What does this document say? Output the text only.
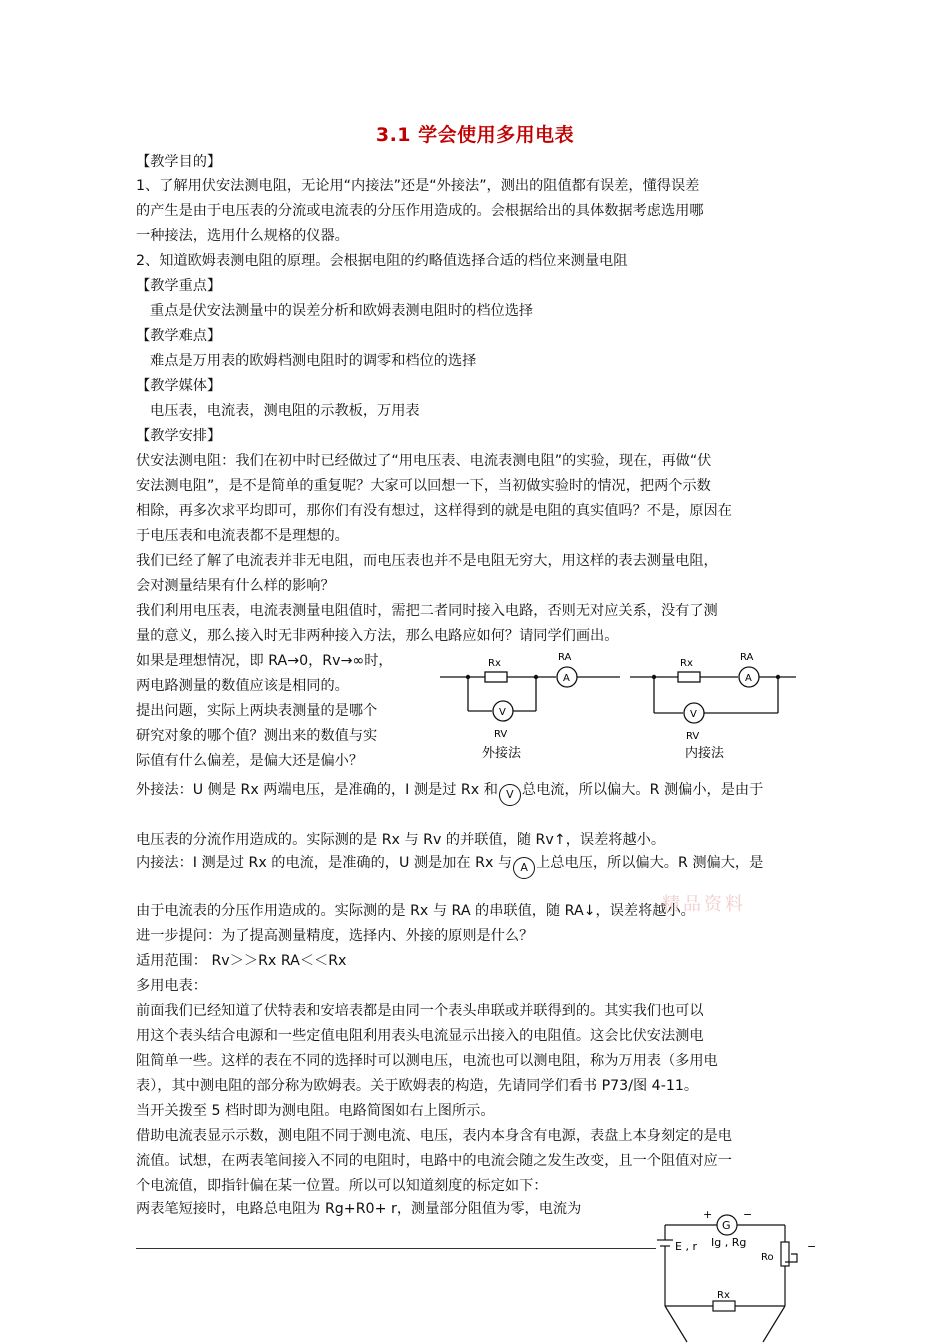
3.1 学会使用多用电表
【教学目的】
1、了解用伏安法测电阻，无论用“内接法”还是“外接法”，测出的阻值都有误差，懂得误差
的产生是由于电压表的分流或电流表的分压作用造成的。会根据给出的具体数据考虑选用哪
一种接法，选用什么规格的仪器。
2、知道欧姆表测电阻的原理。会根据电阻的约略值选择合适的档位来测量电阻
【教学重点】
重点是伏安法测量中的误差分析和欧姆表测电阻时的档位选择
【教学难点】
难点是万用表的欧姆档测电阻时的调零和档位的选择
【教学媒体】
电压表，电流表，测电阻的示教板，万用表
【教学安排】
伏安法测电阻：我们在初中时已经做过了“用电压表、电流表测电阻”的实验，现在，再做“伏
安法测电阻”，是不是简单的重复呢？大家可以回想一下，当初做实验时的情况，把两个示数
相除，再多次求平均即可，那你们有没有想过，这样得到的就是电阻的真实值吗？不是，原因在
于电压表和电流表都不是理想的。
我们已经了解了电流表并非无电阻，而电压表也并不是电阻无穷大，用这样的表去测量电阻，
会对测量结果有什么样的影响？
我们利用电压表，电流表测量电阻值时，需把二者同时接入电路，否则无对应关系，没有了测
量的意义，那么接入时无非两种接入方法，那么电路应如何？请同学们画出。
如果是理想情况，即 RA→0，Rv→∞时，
两电路测量的数值应该是相同的。
提出问题，实际上两块表测量的是哪个
研究对象的哪个值？测出来的数值与实
际值有什么偏差，是偏大还是偏小？
电压表的分流作用造成的。实际测的是 Rx 与 Rv 的并联值，随 Rv↑，误差将越小。
由于电流表的分压作用造成的。实际测的是 Rx 与 RA 的串联值，随 RA↓，误差将越小。
进一步提问：为了提高测量精度，选择内、外接的原则是什么？
适用范围： Rv＞＞Rx RA＜＜Rx
多用电表：
前面我们已经知道了伏特表和安培表都是由同一个表头串联或并联得到的。其实我们也可以
用这个表头结合电源和一些定值电阻利用表头电流显示出接入的电阻值。这会比伏安法测电
阻简单一些。这样的表在不同的选择时可以测电压，电流也可以测电阻，称为万用表（多用电
表），其中测电阻的部分称为欧姆表。关于欧姆表的构造，先请同学们看书 P73/图 4-11。
当开关拨至 5 档时即为测电阻。电路简图如右上图所示。
借助电流表显示示数，测电阻不同于测电流、电压，表内本身含有电源，表盘上本身刻定的是电
流值。试想，在两表笔间接入不同的电阻时，电路中的电流会随之发生改变，且一个阻值对应一
个电流值，即指针偏在某一位置。所以可以知道刻度的标定如下：
两表笔短接时，电路总电阻为 Rg+R0+ r，测量部分阻值为零，电流为
外接法：U 侧是 Rx 两端电压，是准确的，I 测是过 Rx 和 V 总电流，所以偏大。R 测偏小，是由于
内接法：I 测是过 Rx 的电流，是准确的，U 测是加在 Rx 与 A 上总电压，所以偏大。R 测偏大，是
Rx
RA
A
V
RV
外接法
Rx
RA
A
V
RV
内接法
精品资料
+	−
G
Ig , Rg
E , r
Ro
Rx
−
